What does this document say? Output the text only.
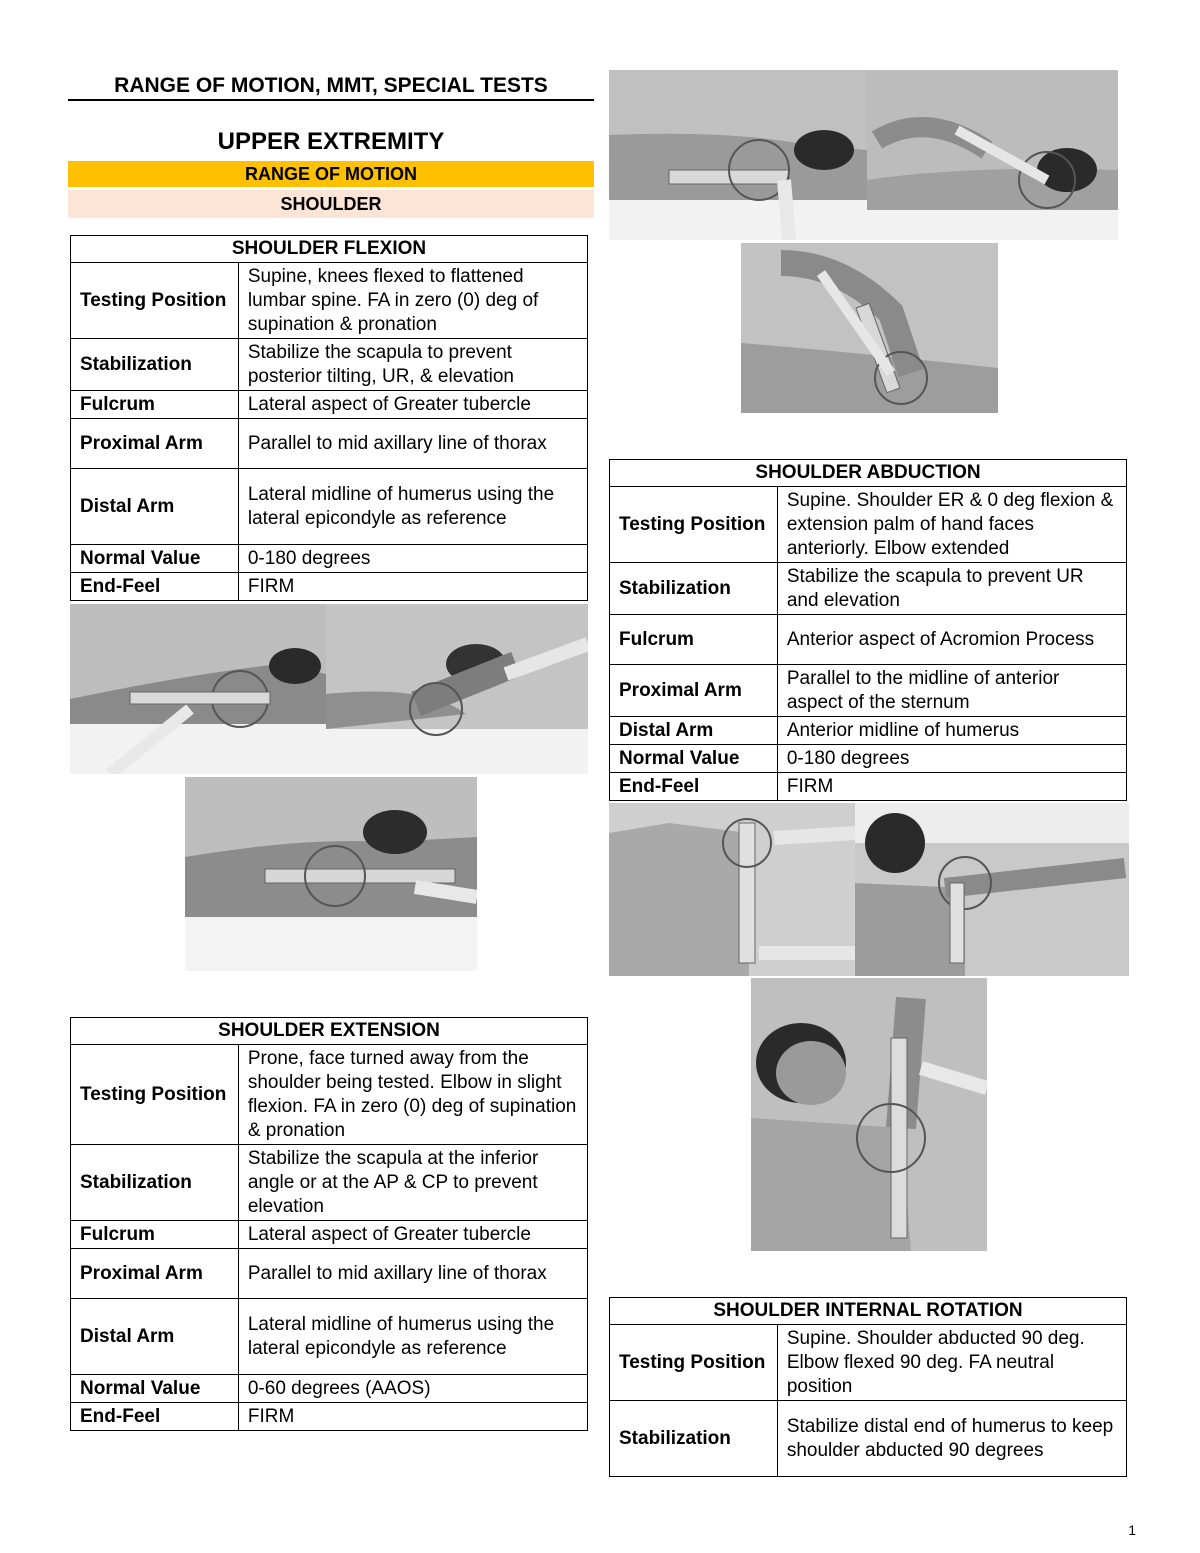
RANGE OF MOTION, MMT, SPECIAL TESTS
UPPER EXTREMITY
RANGE OF MOTION
SHOULDER
SHOULDER FLEXION	
Testing Position	Supine, knees flexed to flattened lumbar spine. FA in zero (0) deg of supination & pronation
Stabilization	Stabilize the scapula to prevent posterior tilting, UR, & elevation
Fulcrum	Lateral aspect of Greater tubercle
Proximal Arm	Parallel to mid axillary line of thorax
Distal Arm	Lateral midline of humerus using the lateral epicondyle as reference
Normal Value	0-180 degrees
End-Feel	FIRM
SHOULDER EXTENSION	
Testing Position	Prone, face turned away from the shoulder being tested. Elbow in slight flexion. FA in zero (0) deg of supination & pronation
Stabilization	Stabilize the scapula at the inferior angle or at the AP & CP to prevent elevation
Fulcrum	Lateral aspect of Greater tubercle
Proximal Arm	Parallel to mid axillary line of thorax
Distal Arm	Lateral midline of humerus using the lateral epicondyle as reference
Normal Value	0-60 degrees (AAOS)
End-Feel	FIRM
SHOULDER ABDUCTION	
Testing Position	Supine. Shoulder ER & 0 deg flexion & extension palm of hand faces anteriorly. Elbow extended
Stabilization	Stabilize the scapula to prevent UR and elevation
Fulcrum	Anterior aspect of Acromion Process
Proximal Arm	Parallel to the midline of anterior aspect of the sternum
Distal Arm	Anterior midline of humerus
Normal Value	0-180 degrees
End-Feel	FIRM
SHOULDER INTERNAL ROTATION	
Testing Position	Supine. Shoulder abducted 90 deg. Elbow flexed 90 deg. FA neutral position
Stabilization	Stabilize distal end of humerus to keep shoulder abducted 90 degrees
1
